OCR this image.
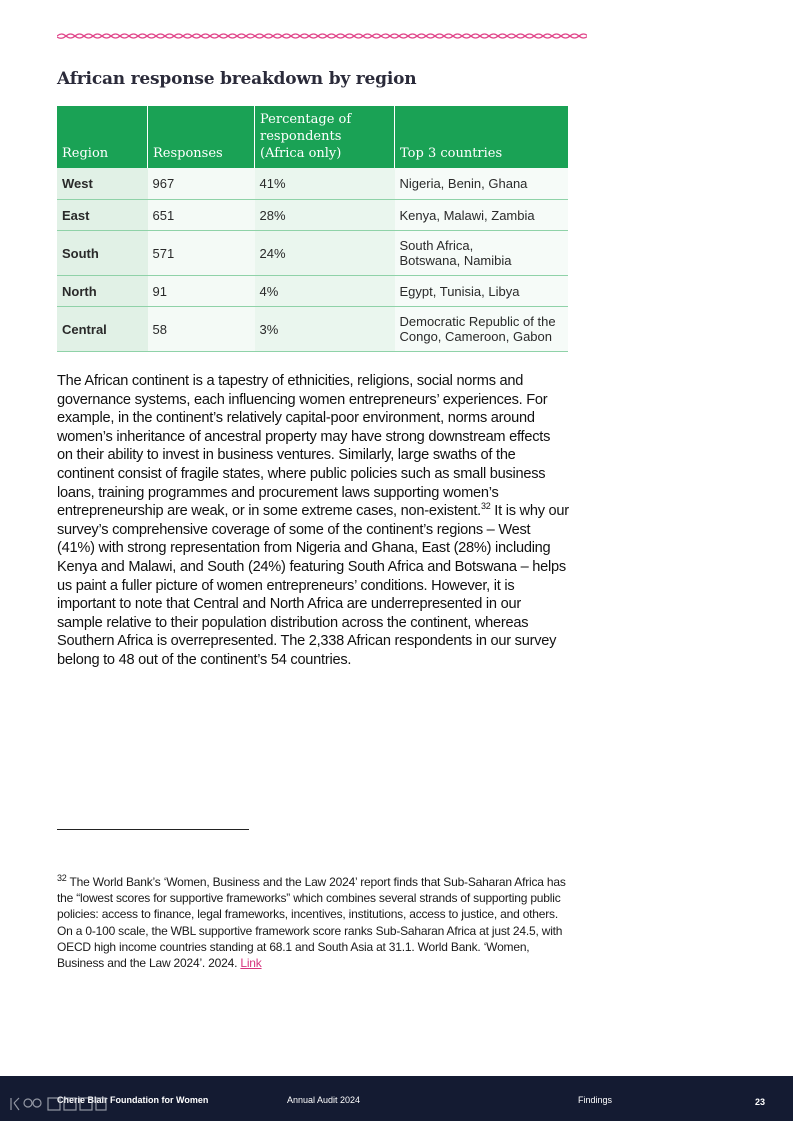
African response breakdown by region
Region	Responses	Percentage of
respondents
(Africa only)	Top 3 countries
West	967	41%	Nigeria, Benin, Ghana
East	651	28%	Kenya, Malawi, Zambia
South	571	24%	South Africa,
Botswana, Namibia
North	91	4%	Egypt, Tunisia, Libya
Central	58	3%	Democratic Republic of the
Congo, Cameroon, Gabon

The African continent is a tapestry of ethnicities, religions, social norms and governance systems, each influencing women entrepreneurs’ experiences. For example, in the continent’s relatively capital-poor environment, norms around women’s inheritance of ancestral property may have strong downstream effects on their ability to invest in business ventures. Similarly, large swaths of the continent consist of fragile states, where public policies such as small business loans, training programmes and procurement laws supporting women’s entrepreneurship are weak, or in some extreme cases, non-existent.$^{32}$ It is why our survey’s comprehensive coverage of some of the continent’s regions – West (41%) with strong representation from Nigeria and Ghana, East (28%) including Kenya and Malawi, and South (24%) featuring South Africa and Botswana – helps us paint a fuller picture of women entrepreneurs’ conditions. However, it is important to note that Central and North Africa are underrepresented in our sample relative to their population distribution across the continent, whereas Southern Africa is overrepresented. The 2,338 African respondents in our survey belong to 48 out of the continent’s 54 countries.

$^{32}$ The World Bank’s ‘Women, Business and the Law 2024’ report finds that Sub-Saharan Africa has the “lowest scores for supportive frameworks” which combines several strands of supporting public policies: access to finance, legal frameworks, incentives, institutions, access to justice, and others. On a 0-100 scale, the WBL supportive framework score ranks Sub-Saharan Africa at just 24.5, with OECD high income countries standing at 68.1 and South Asia at 31.1. World Bank. ‘Women, Business and the Law 2024’. 2024. Link

Cherie Blair Foundation for Women	Annual Audit 2024	Findings	23
